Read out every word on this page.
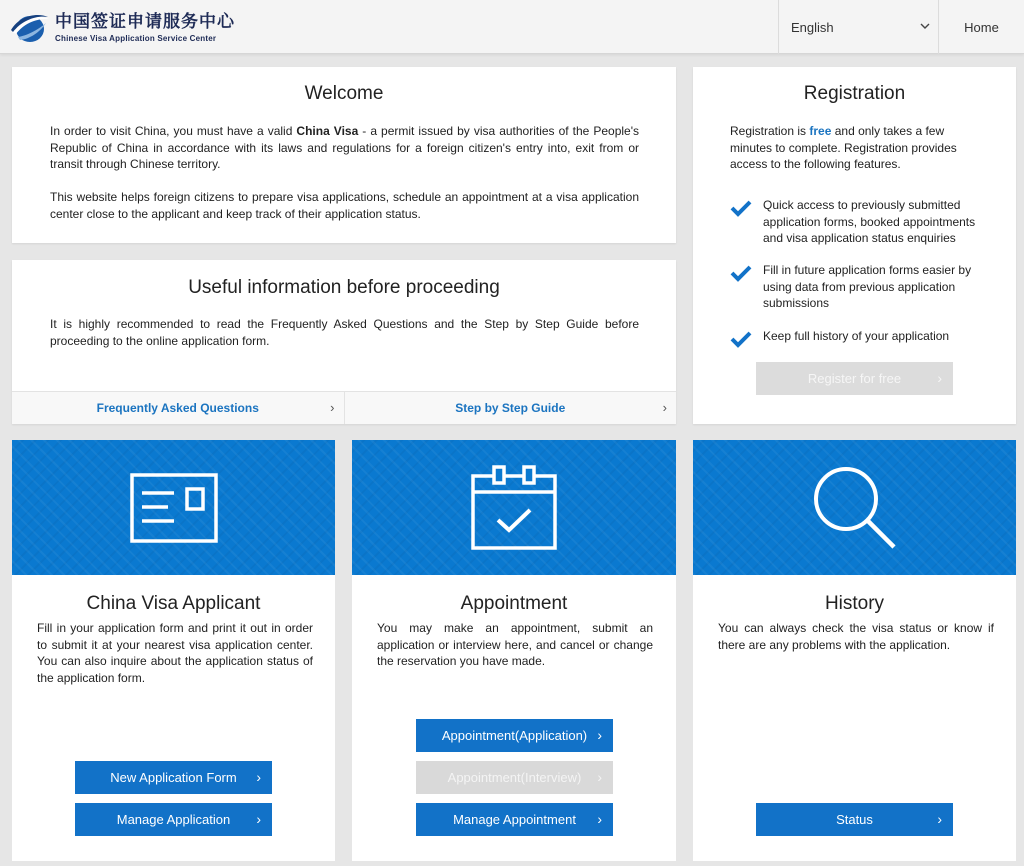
中国签证申请服务中心
Chinese Visa Application Service Center
English	Home
Welcome

In order to visit China, you must have a valid China Visa - a permit issued by visa authorities of the People's Republic of China in accordance with its laws and regulations for a foreign citizen's entry into, exit from or transit through Chinese territory.

This website helps foreign citizens to prepare visa applications, schedule an appointment at a visa application center close to the applicant and keep track of their application status.

Useful information before proceeding

It is highly recommended to read the Frequently Asked Questions and the Step by Step Guide before proceeding to the online application form.

Frequently Asked Questions	›	Step by Step Guide	›
Registration

Registration is free and only takes a few minutes to complete. Registration provides access to the following features.

Quick access to previously submitted application forms, booked appointments and visa application status enquiries
Fill in future application forms easier by using data from previous application submissions
Keep full history of your application
Register for free	›
China Visa Applicant

Fill in your application form and print it out in order to submit it at your nearest visa application center. You can also inquire about the application status of the application form.

New Application Form ›
Manage Application ›
Appointment

You may make an appointment, submit an application or interview here, and cancel or change the reservation you have made.

Appointment(Application) ›
Appointment(Interview) ›
Manage Appointment ›
History

You can always check the visa status or know if there are any problems with the application.

Status	›
